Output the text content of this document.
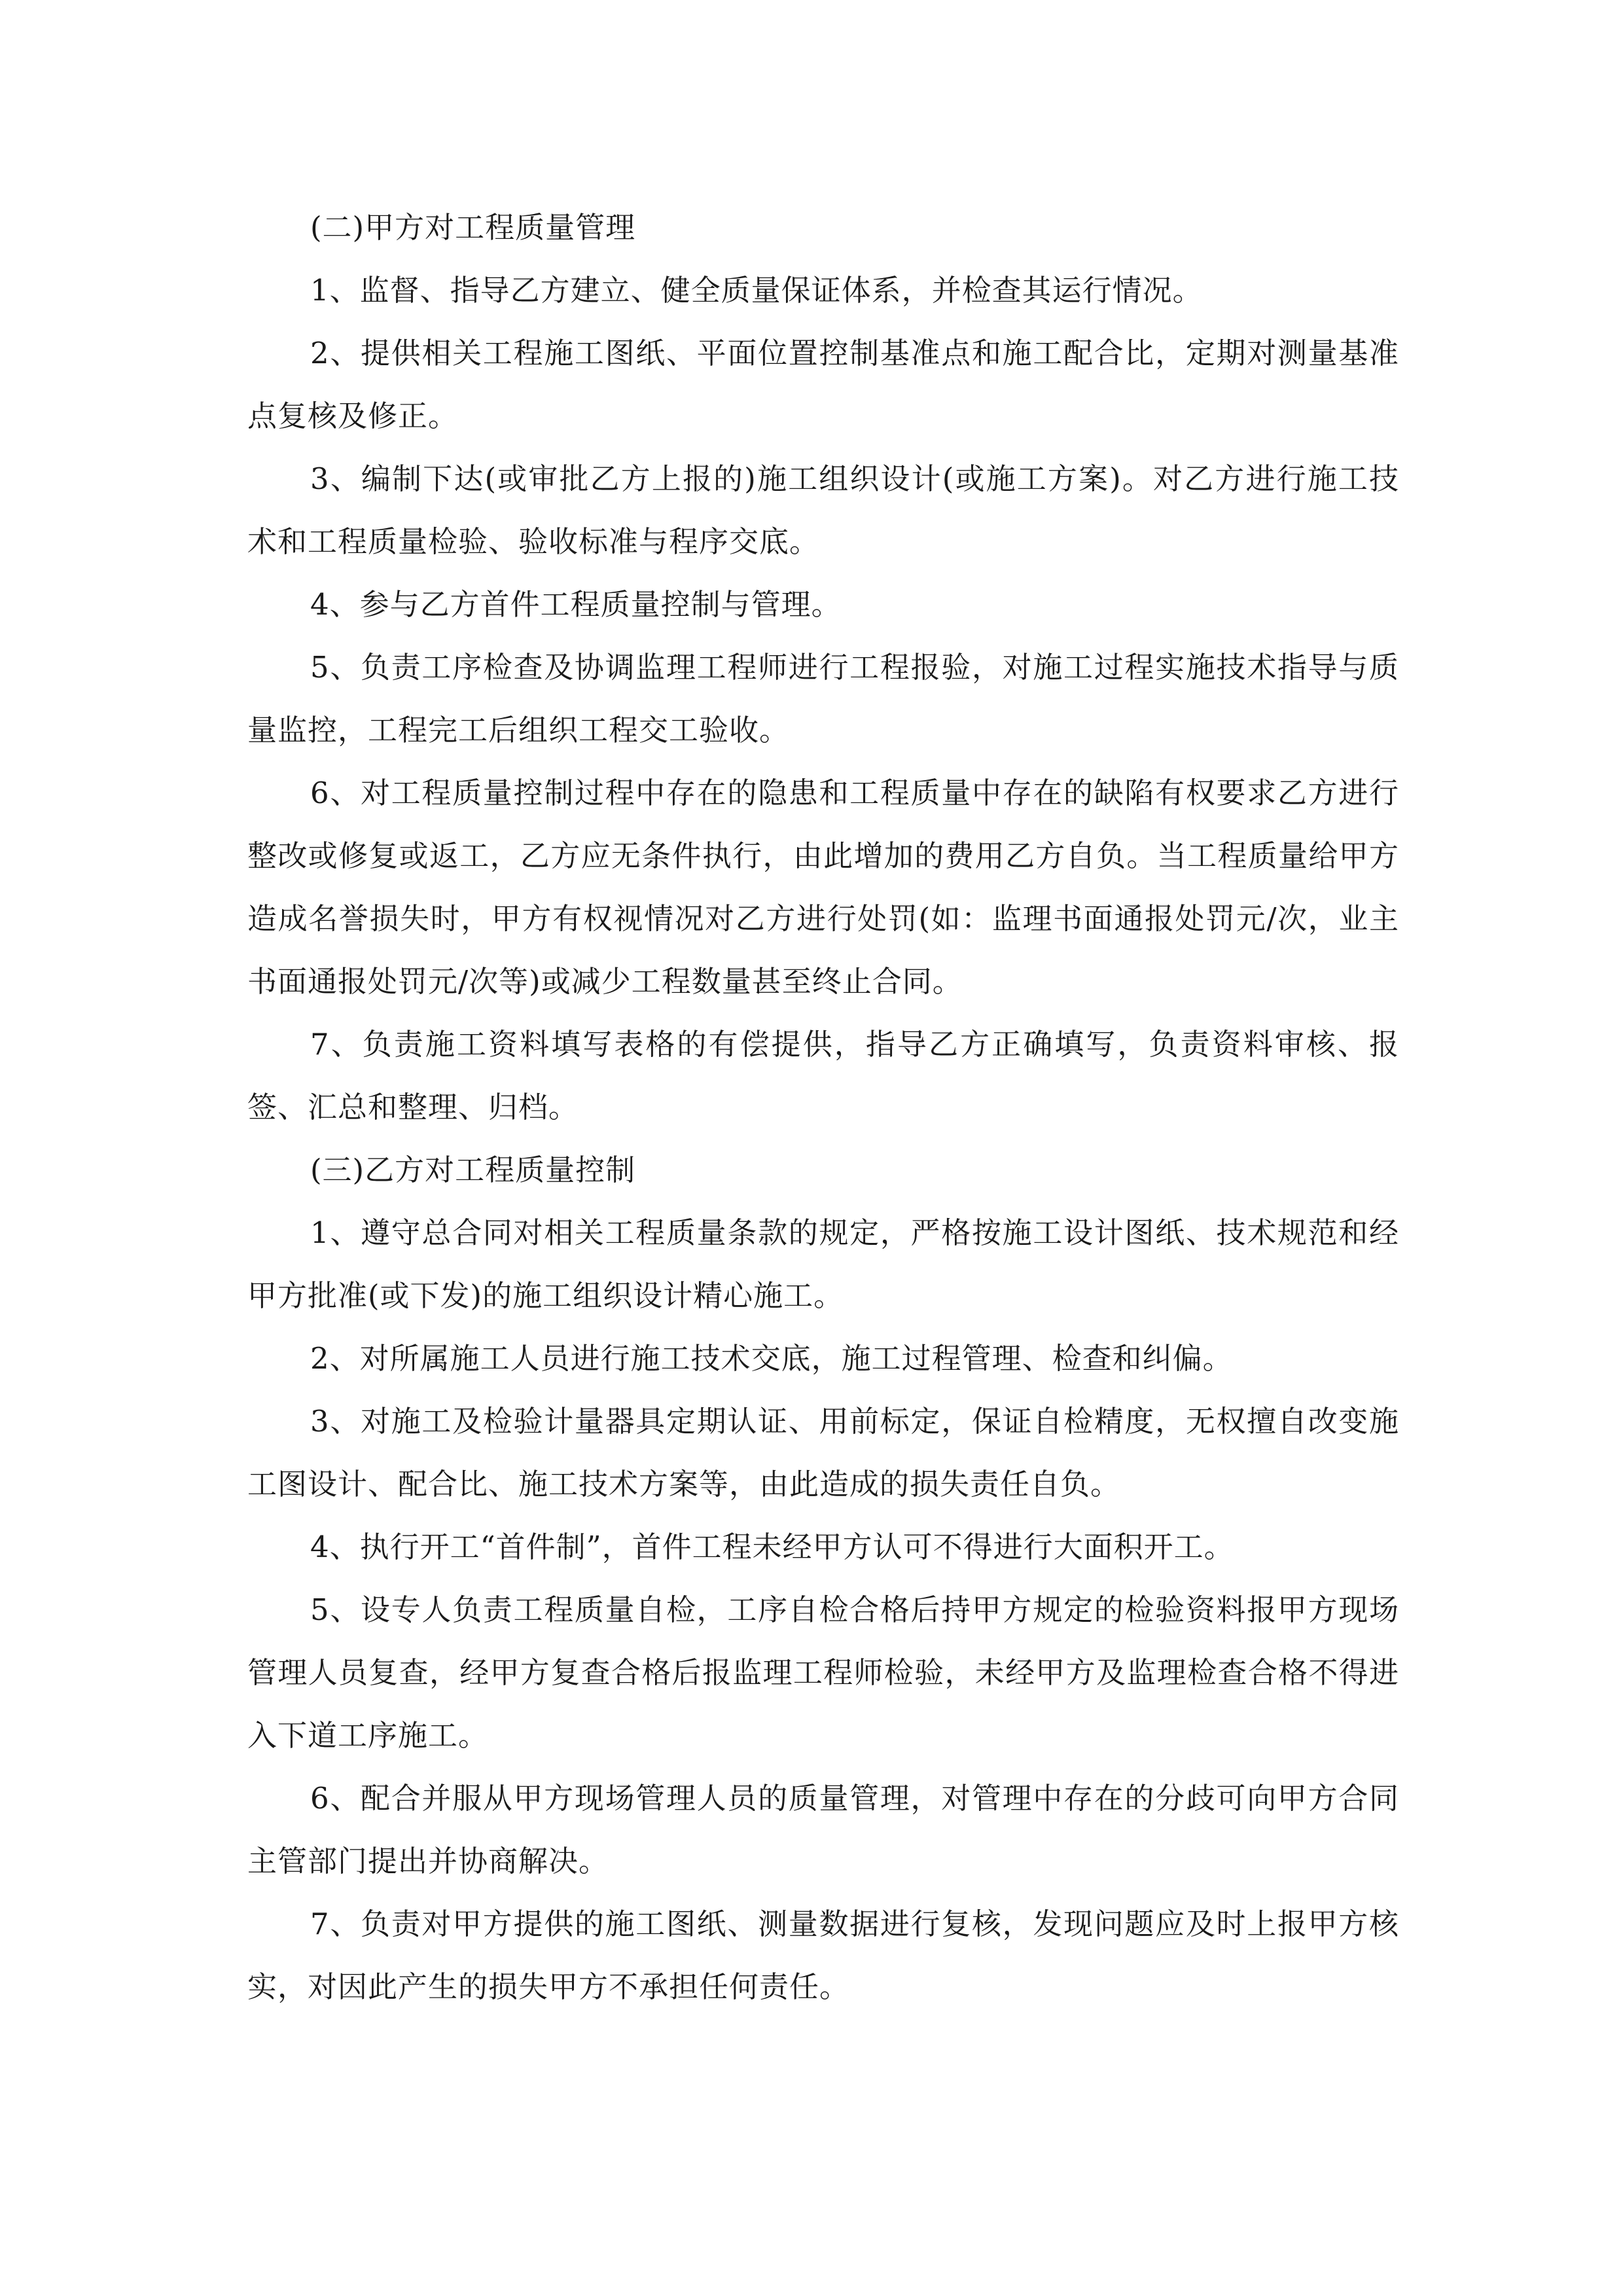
(二)甲方对工程质量管理

1、监督、指导乙方建立、健全质量保证体系，并检查其运行情况。

2、提供相关工程施工图纸、平面位置控制基准点和施工配合比，定期对测量基准点复核及修正。

3、编制下达(或审批乙方上报的)施工组织设计(或施工方案)。对乙方进行施工技术和工程质量检验、验收标准与程序交底。

4、参与乙方首件工程质量控制与管理。

5、负责工序检查及协调监理工程师进行工程报验，对施工过程实施技术指导与质量监控，工程完工后组织工程交工验收。

6、对工程质量控制过程中存在的隐患和工程质量中存在的缺陷有权要求乙方进行整改或修复或返工，乙方应无条件执行，由此增加的费用乙方自负。当工程质量给甲方造成名誉损失时，甲方有权视情况对乙方进行处罚(如：监理书面通报处罚元/次，业主书面通报处罚元/次等)或减少工程数量甚至终止合同。

7、负责施工资料填写表格的有偿提供，指导乙方正确填写，负责资料审核、报签、汇总和整理、归档。

(三)乙方对工程质量控制

1、遵守总合同对相关工程质量条款的规定，严格按施工设计图纸、技术规范和经甲方批准(或下发)的施工组织设计精心施工。

2、对所属施工人员进行施工技术交底，施工过程管理、检查和纠偏。

3、对施工及检验计量器具定期认证、用前标定，保证自检精度，无权擅自改变施工图设计、配合比、施工技术方案等，由此造成的损失责任自负。

4、执行开工“首件制”，首件工程未经甲方认可不得进行大面积开工。

5、设专人负责工程质量自检，工序自检合格后持甲方规定的检验资料报甲方现场管理人员复查，经甲方复查合格后报监理工程师检验，未经甲方及监理检查合格不得进入下道工序施工。

6、配合并服从甲方现场管理人员的质量管理，对管理中存在的分歧可向甲方合同主管部门提出并协商解决。

7、负责对甲方提供的施工图纸、测量数据进行复核，发现问题应及时上报甲方核实，对因此产生的损失甲方不承担任何责任。
